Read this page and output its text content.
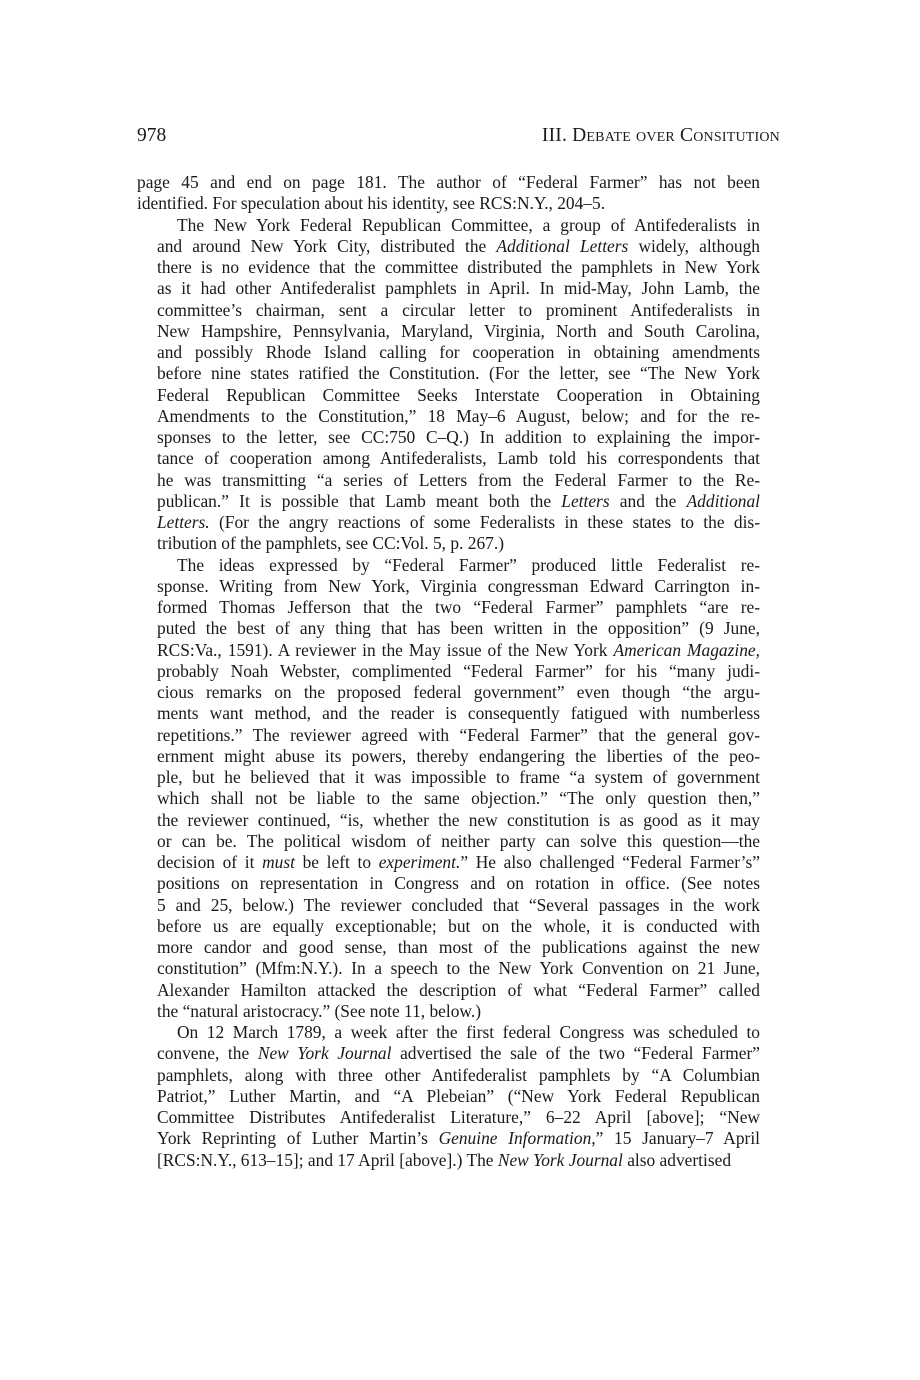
978	III. Debate over Consitution

page 45 and end on page 181. The author of “Federal Farmer” has not been
identified. For speculation about his identity, see RCS:N.Y., 204–5.

The New York Federal Republican Committee, a group of Antifederalists in
and around New York City, distributed the Additional Letters widely, although
there is no evidence that the committee distributed the pamphlets in New York
as it had other Antifederalist pamphlets in April. In mid-May, John Lamb, the
committee’s chairman, sent a circular letter to prominent Antifederalists in
New Hampshire, Pennsylvania, Maryland, Virginia, North and South Carolina,
and possibly Rhode Island calling for cooperation in obtaining amendments
before nine states ratified the Constitution. (For the letter, see “The New York
Federal Republican Committee Seeks Interstate Cooperation in Obtaining
Amendments to the Constitution,” 18 May–6 August, below; and for the re-
sponses to the letter, see CC:750 C–Q.) In addition to explaining the impor-
tance of cooperation among Antifederalists, Lamb told his correspondents that
he was transmitting “a series of Letters from the Federal Farmer to the Re-
publican.” It is possible that Lamb meant both the Letters and the Additional
Letters. (For the angry reactions of some Federalists in these states to the dis-
tribution of the pamphlets, see CC:Vol. 5, p. 267.)

The ideas expressed by “Federal Farmer” produced little Federalist re-
sponse. Writing from New York, Virginia congressman Edward Carrington in-
formed Thomas Jefferson that the two “Federal Farmer” pamphlets “are re-
puted the best of any thing that has been written in the opposition” (9 June,
RCS:Va., 1591). A reviewer in the May issue of the New York American Magazine,
probably Noah Webster, complimented “Federal Farmer” for his “many judi-
cious remarks on the proposed federal government” even though “the argu-
ments want method, and the reader is consequently fatigued with numberless
repetitions.” The reviewer agreed with “Federal Farmer” that the general gov-
ernment might abuse its powers, thereby endangering the liberties of the peo-
ple, but he believed that it was impossible to frame “a system of government
which shall not be liable to the same objection.” “The only question then,”
the reviewer continued, “is, whether the new constitution is as good as it may
or can be. The political wisdom of neither party can solve this question—the
decision of it must be left to experiment.” He also challenged “Federal Farmer’s”
positions on representation in Congress and on rotation in office. (See notes
5 and 25, below.) The reviewer concluded that “Several passages in the work
before us are equally exceptionable; but on the whole, it is conducted with
more candor and good sense, than most of the publications against the new
constitution” (Mfm:N.Y.). In a speech to the New York Convention on 21 June,
Alexander Hamilton attacked the description of what “Federal Farmer” called
the “natural aristocracy.” (See note 11, below.)

On 12 March 1789, a week after the first federal Congress was scheduled to
convene, the New York Journal advertised the sale of the two “Federal Farmer”
pamphlets, along with three other Antifederalist pamphlets by “A Columbian
Patriot,” Luther Martin, and “A Plebeian” (“New York Federal Republican
Committee Distributes Antifederalist Literature,” 6–22 April [above]; “New
York Reprinting of Luther Martin’s Genuine Information,” 15 January–7 April
[RCS:N.Y., 613–15]; and 17 April [above].) The New York Journal also advertised
